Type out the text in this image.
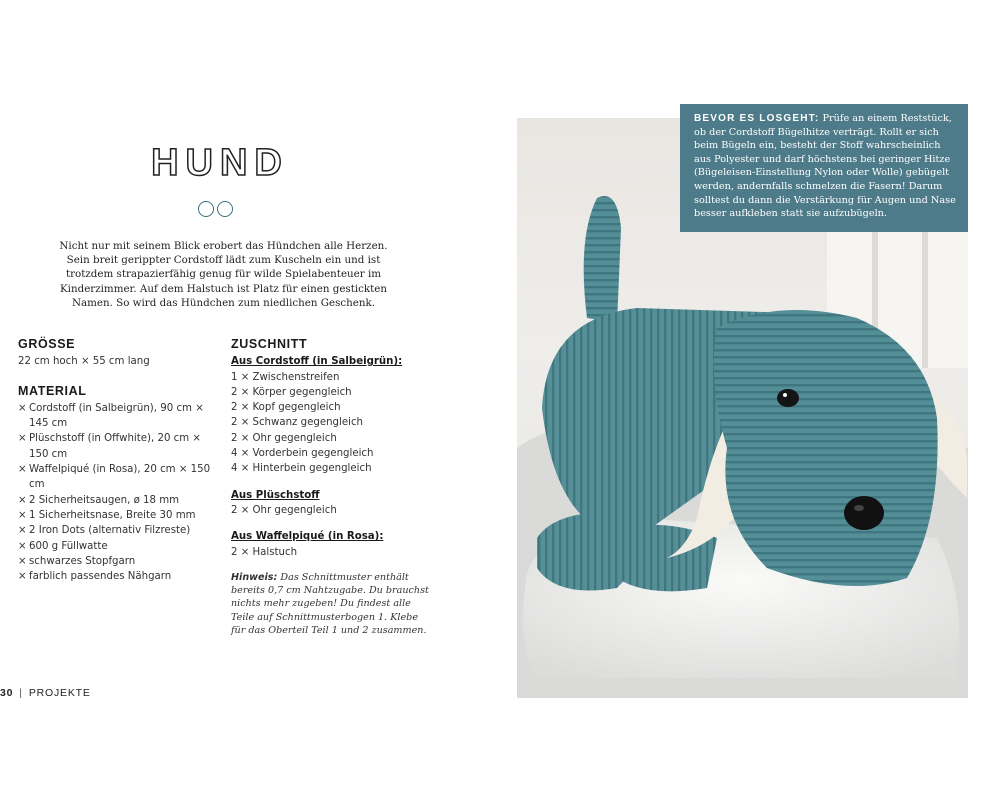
HUND
Nicht nur mit seinem Blick erobert das Hündchen alle Herzen. Sein breit gerippter Cordstoff lädt zum Kuscheln ein und ist trotzdem strapazierfähig genug für wilde Spielabenteuer im Kinderzimmer. Auf dem Halstuch ist Platz für einen gestickten Namen. So wird das Hündchen zum niedlichen Geschenk.
GRÖSSE
22 cm hoch × 55 cm lang
MATERIAL
× Cordstoff (in Salbeigrün), 90 cm × 145 cm
× Plüschstoff (in Offwhite), 20 cm × 150 cm
× Waffelpiqué (in Rosa), 20 cm × 150 cm
× 2 Sicherheitsaugen, ø 18 mm
× 1 Sicherheitsnase, Breite 30 mm
× 2 Iron Dots (alternativ Filzreste)
× 600 g Füllwatte
× schwarzes Stopfgarn
× farblich passendes Nähgarn
ZUSCHNITT
Aus Cordstoff (in Salbeigrün):
1 × Zwischenstreifen
2 × Körper gegengleich
2 × Kopf gegengleich
2 × Schwanz gegengleich
2 × Ohr gegengleich
4 × Vorderbein gegengleich
4 × Hinterbein gegengleich
Aus Plüschstoff
2 × Ohr gegengleich
Aus Waffelpiqué (in Rosa):
2 × Halstuch
Hinweis: Das Schnittmuster enthält bereits 0,7 cm Nahtzugabe. Du brauchst nichts mehr zugeben! Du findest alle Teile auf Schnittmusterbogen 1. Klebe für das Oberteil Teil 1 und 2 zusammen.
30 | PROJEKTE
BEVOR ES LOSGEHT: Prüfe an einem Reststück, ob der Cordstoff Bügelhitze verträgt. Rollt er sich beim Bügeln ein, besteht der Stoff wahrscheinlich aus Polyester und darf höchstens bei geringer Hitze (Bügeleisen-Einstellung Nylon oder Wolle) gebügelt werden, andernfalls schmelzen die Fasern! Darum solltest du dann die Verstärkung für Augen und Nase besser aufkleben statt sie aufzubügeln.
